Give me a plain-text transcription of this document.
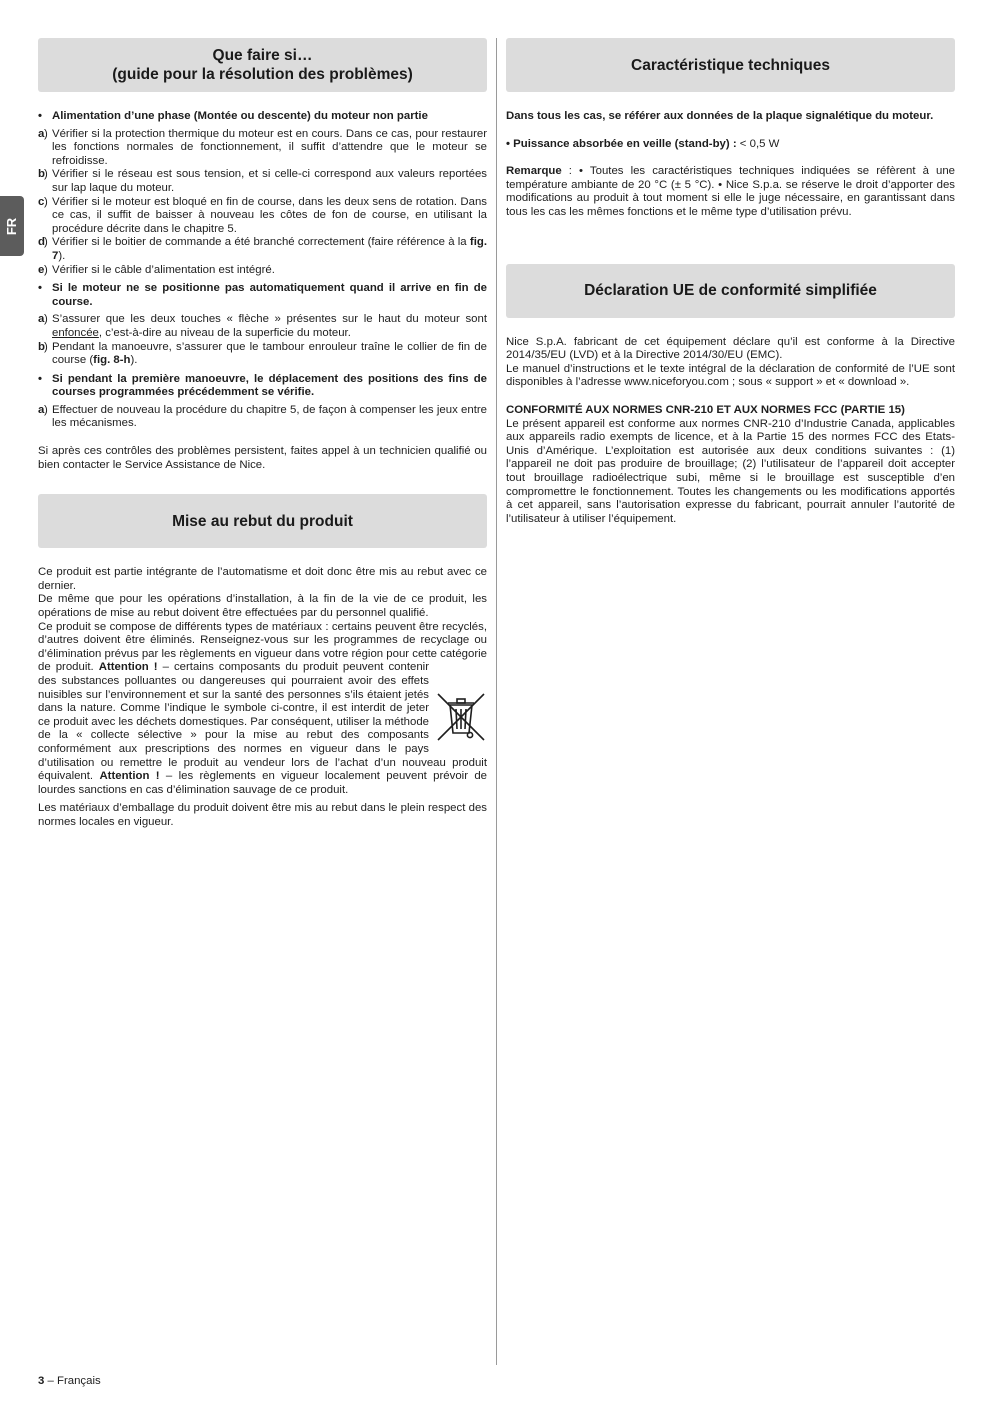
FR
Que faire si…
(guide pour la résolution des problèmes)

• Alimentation d’une phase (Montée ou descente) du moteur non partie

a ) Vérifier si la protection thermique du moteur est en cours. Dans ce cas, pour restaurer les fonctions normales de fonctionnement, il suffit d’attendre que le moteur se refroidisse.

b ) Vérifier si le réseau est sous tension, et si celle-ci correspond aux valeurs reportées sur lap laque du moteur.

c ) Vérifier si le moteur est bloqué en fin de course, dans les deux sens de rotation. Dans ce cas, il suffit de baisser à nouveau les côtes de fon de course, en utilisant la procédure décrite dans le chapitre 5.

d ) Vérifier si le boitier de commande a été branché correctement (faire référence à la fig. 7).

e ) Vérifier si le câble d’alimentation est intégré.

• Si le moteur ne se positionne pas automatiquement quand il arrive en fin de course.

a ) S’assurer que les deux touches « flèche » présentes sur le haut du moteur sont enfoncée, c’est-à-dire au niveau de la superficie du moteur.

b ) Pendant la manoeuvre, s’assurer que le tambour enrouleur traîne le collier de fin de course (fig. 8-h).

• Si pendant la première manoeuvre, le déplacement des positions des fins de courses programmées précédemment se vérifie.

a ) Effectuer de nouveau la procédure du chapitre 5, de façon à compenser les jeux entre les mécanismes.

Si après ces contrôles des problèmes persistent, faites appel à un technicien qualifié ou bien contacter le Service Assistance de Nice.

Mise au rebut du produit

Ce produit est partie intégrante de l’automatisme et doit donc être mis au rebut avec ce dernier.

De même que pour les opérations d’installation, à la fin de la vie de ce produit, les opérations de mise au rebut doivent être effectuées par du personnel qualifié.

Ce produit se compose de différents types de matériaux : certains peuvent être recyclés, d’autres doivent être éliminés. Renseignez-vous sur les programmes de recyclage ou d’élimination prévus par les règlements en vigueur dans votre région pour cette catégorie de produit. Attention !
– certains composants du produit peuvent contenir des substances polluantes ou dangereuses qui pourraient avoir des effets nuisibles sur l’environnement et sur la santé des personnes s’ils étaient jetés dans la nature. Comme l’indique le symbole ci-contre, il est interdit de jeter ce produit avec les déchets domestiques. Par conséquent, utiliser la méthode de la « collecte sélective » pour la mise au rebut des composants conformément aux prescriptions des normes en vigueur dans le pays d’utilisation ou remettre le produit au vendeur lors de l’achat d’un nouveau produit équivalent. Attention ! – les règlements en vigueur localement peuvent prévoir de lourdes sanctions en cas d’élimination sauvage de ce produit.

Les matériaux d’emballage du produit doivent être mis au rebut dans le plein respect des normes locales en vigueur.

Caractéristique techniques

Dans tous les cas, se référer aux données de la plaque signalétique du moteur.

• Puissance absorbée en veille (stand-by) : < 0,5 W

Remarque : • Toutes les caractéristiques techniques indiquées se réfèrent à une température ambiante de 20 °C (± 5 °C). • Nice S.p.a. se réserve le droit d’apporter des modifications au produit à tout moment si elle le juge nécessaire, en garantissant dans tous les cas les mêmes fonctions et le même type d’utilisation prévu.

Déclaration UE de conformité simplifiée

Nice S.p.A. fabricant de cet équipement déclare qu’il est conforme à la Directive 2014/35/EU (LVD) et à la Directive 2014/30/EU (EMC).

Le manuel d’instructions et le texte intégral de la déclaration de conformité de l’UE sont disponibles à l’adresse www.niceforyou.com ; sous « support » et « download ».

CONFORMITÉ AUX NORMES CNR-210 ET AUX NORMES FCC (PARTIE 15)

Le présent appareil est conforme aux normes CNR-210 d’Industrie Canada, applicables aux appareils radio exempts de licence, et à la Partie 15 des normes FCC des Etats-Unis d’Amérique. L’exploitation est autorisée aux deux conditions suivantes : (1) l’appareil ne doit pas produire de brouillage; (2) l’utilisateur de l’appareil doit accepter tout brouillage radioélectrique subi, même si le brouillage est susceptible d’en compromettre le fonctionnement. Toutes les changements ou les modifications apportés à cet appareil, sans l’autorisation expresse du fabricant, pourrait annuler l’autorité de l’utilisateur à utiliser l’équipement.

3 – Français
